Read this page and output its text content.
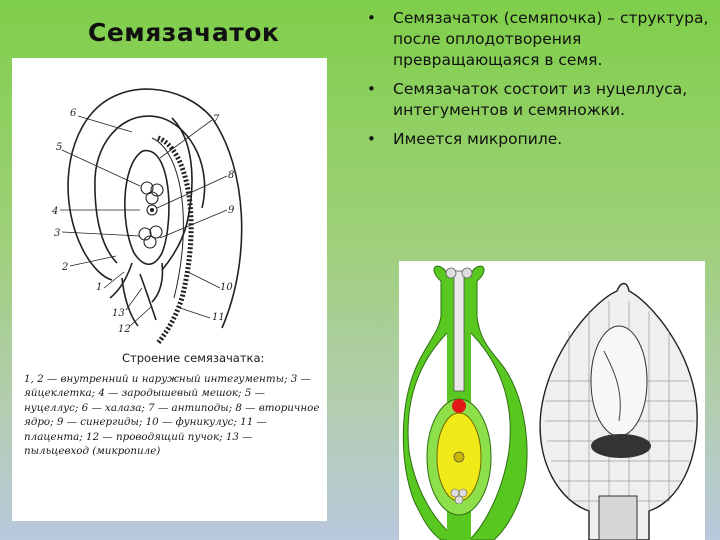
Семязачаток	• Семязачаток (семяпочка) – структура, после оплодотворения превращающаяся в семя.
• Семязачаток состоит из нуцеллуса, интегументов и семяножки.
• Имеется микропиле.
6
7
5
8
4	9
3
2
10
1
13	11
12
Строение семязачатка:
1, 2 — внутренний и наружный интегументы; 3 — яйцеклетка; 4 — зародышевый мешок; 5 — нуцеллус; 6 — халаза; 7 — антиподы; 8 — вторичное ядро; 9 — синергиды; 10 — фуникулус; 11 — плацента; 12 — проводящий пучок; 13 — пыльцевход (микропиле)
